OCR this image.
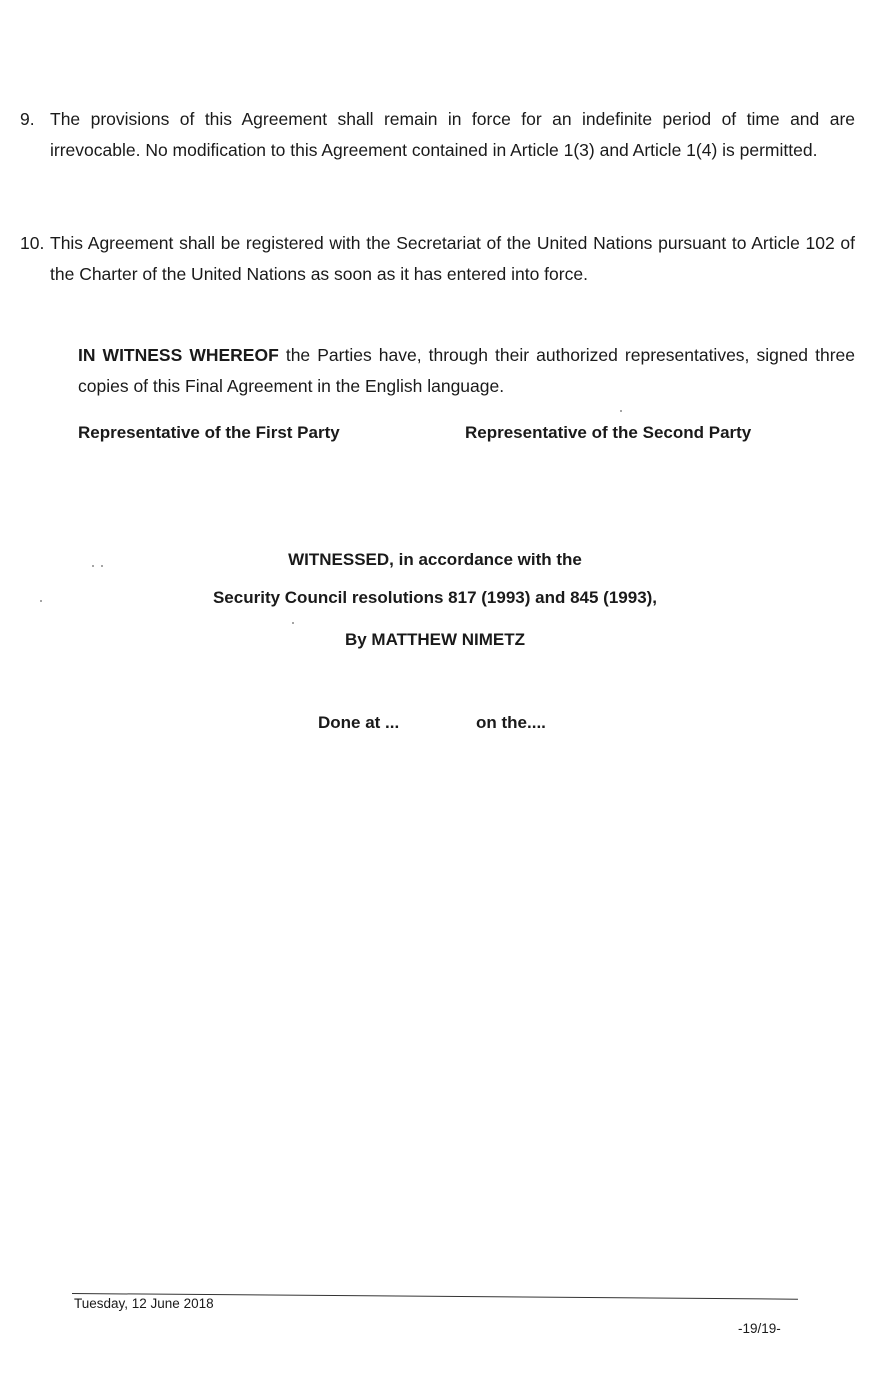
9. The provisions of this Agreement shall remain in force for an indefinite period of time and are irrevocable. No modification to this Agreement contained in Article 1(3) and Article 1(4) is permitted.
10. This Agreement shall be registered with the Secretariat of the United Nations pursuant to Article 102 of the Charter of the United Nations as soon as it has entered into force.
IN WITNESS WHEREOF the Parties have, through their authorized representatives, signed three copies of this Final Agreement in the English language.
Representative of the First Party	Representative of the Second Party
WITNESSED, in accordance with the
Security Council resolutions 817 (1993) and 845 (1993),
By MATTHEW NIMETZ
Done at ...	on the....
Tuesday, 12 June 2018
-19/19-
